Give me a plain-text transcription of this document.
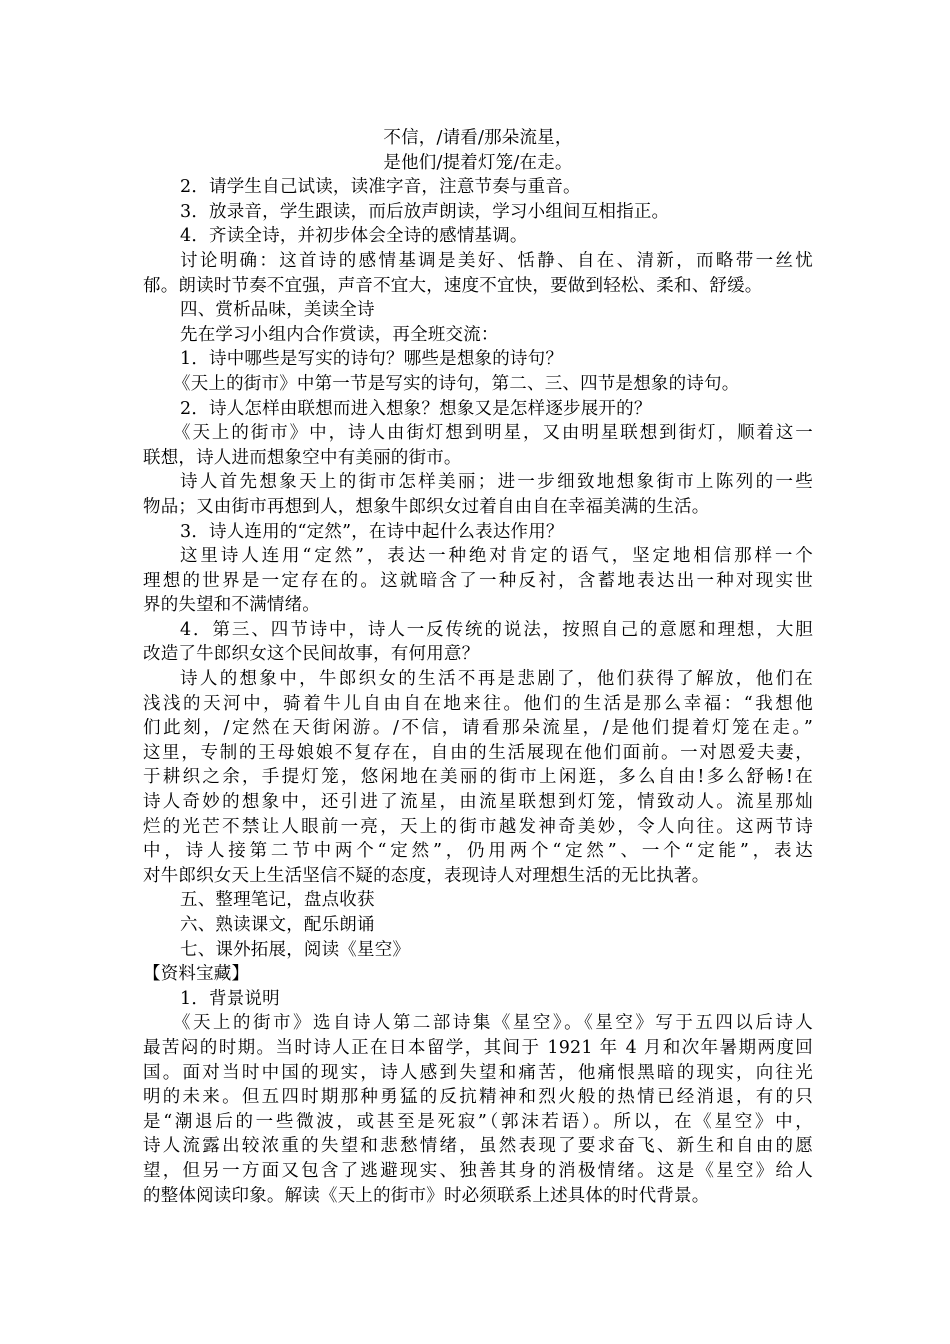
不信，/请看/那朵流星，
是他们/提着灯笼/在走。
2．请学生自己试读，读准字音，注意节奏与重音。
3．放录音，学生跟读，而后放声朗读，学习小组间互相指正。
4．齐读全诗，并初步体会全诗的感情基调。
讨论明确：这首诗的感情基调是美好、恬静、自在、清新，而略带一丝忧
郁。朗读时节奏不宜强，声音不宜大，速度不宜快，要做到轻松、柔和、舒缓。
四、赏析品味，美读全诗
先在学习小组内合作赏读，再全班交流：
1．诗中哪些是写实的诗句？哪些是想象的诗句？
《天上的街市》中第一节是写实的诗句，第二、三、四节是想象的诗句。
2．诗人怎样由联想而进入想象？想象又是怎样逐步展开的？
《天上的街市》中，诗人由街灯想到明星，又由明星联想到街灯，顺着这一
联想，诗人进而想象空中有美丽的街市。
诗人首先想象天上的街市怎样美丽；进一步细致地想象街市上陈列的一些
物品；又由街市再想到人，想象牛郎织女过着自由自在幸福美满的生活。
3．诗人连用的“定然”，在诗中起什么表达作用？
这里诗人连用“定然”，表达一种绝对肯定的语气，坚定地相信那样一个
理想的世界是一定存在的。这就暗含了一种反衬，含蓄地表达出一种对现实世
界的失望和不满情绪。
4．第三、四节诗中，诗人一反传统的说法，按照自己的意愿和理想，大胆
改造了牛郎织女这个民间故事，有何用意？
诗人的想象中，牛郎织女的生活不再是悲剧了，他们获得了解放，他们在
浅浅的天河中，骑着牛儿自由自在地来往。他们的生活是那么幸福：“我想他
们此刻，/定然在天街闲游。/不信，请看那朵流星，/是他们提着灯笼在走。”
这里，专制的王母娘娘不复存在，自由的生活展现在他们面前。一对恩爱夫妻，
于耕织之余，手提灯笼，悠闲地在美丽的街市上闲逛，多么自由!多么舒畅!在
诗人奇妙的想象中，还引进了流星，由流星联想到灯笼，情致动人。流星那灿
烂的光芒不禁让人眼前一亮，天上的街市越发神奇美妙，令人向往。这两节诗
中，诗人接第二节中两个“定然”，仍用两个“定然”、一个“定能”，表达
对牛郎织女天上生活坚信不疑的态度，表现诗人对理想生活的无比执著。
五、整理笔记，盘点收获
六、熟读课文，配乐朗诵
七、课外拓展，阅读《星空》
【资料宝藏】
1．背景说明
《天上的街市》选自诗人第二部诗集《星空》。《星空》写于五四以后诗人
最苦闷的时期。当时诗人正在日本留学，其间于 1921 年 4 月和次年暑期两度回
国。面对当时中国的现实，诗人感到失望和痛苦，他痛恨黑暗的现实，向往光
明的未来。但五四时期那种勇猛的反抗精神和烈火般的热情已经消退，有的只
是“潮退后的一些微波，或甚至是死寂”（郭沫若语）。所以，在《星空》中，
诗人流露出较浓重的失望和悲愁情绪，虽然表现了要求奋飞、新生和自由的愿
望，但另一方面又包含了逃避现实、独善其身的消极情绪。这是《星空》给人
的整体阅读印象。解读《天上的街市》时必须联系上述具体的时代背景。
